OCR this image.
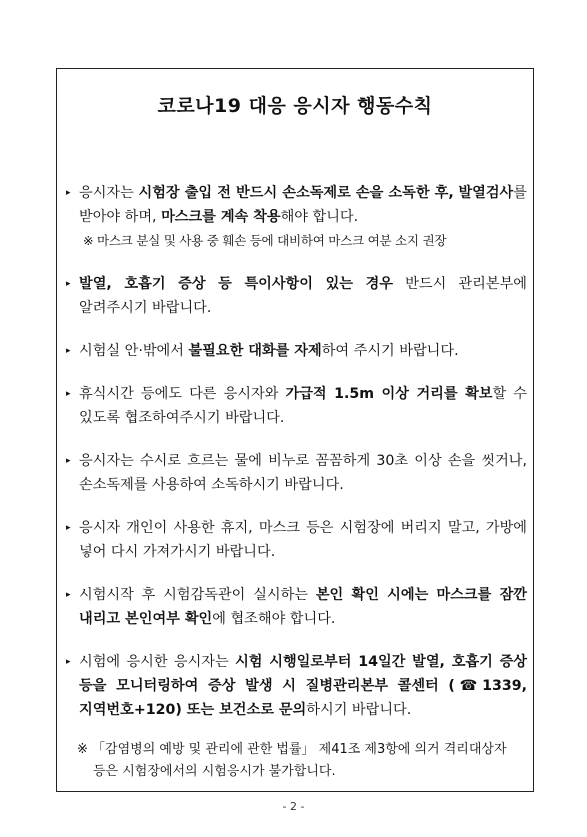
코로나19 대응 응시자 행동수칙
▸ 응시자는 시험장 출입 전 반드시 손소독제로 손을 소독한 후, 발열검사를 받아야 하며, 마스크를 계속 착용해야 합니다.
※ 마스크 분실 및 사용 중 훼손 등에 대비하여 마스크 여분 소지 권장
▸ 발열, 호흡기 증상 등 특이사항이 있는 경우 반드시 관리본부에 알려주시기 바랍니다.
▸ 시험실 안·밖에서 불필요한 대화를 자제하여 주시기 바랍니다.
▸ 휴식시간 등에도 다른 응시자와 가급적 1.5m 이상 거리를 확보할 수 있도록 협조하여주시기 바랍니다.
▸ 응시자는 수시로 흐르는 물에 비누로 꼼꼼하게 30초 이상 손을 씻거나, 손소독제를 사용하여 소독하시기 바랍니다.
▸ 응시자 개인이 사용한 휴지, 마스크 등은 시험장에 버리지 말고, 가방에 넣어 다시 가져가시기 바랍니다.
▸ 시험시작 후 시험감독관이 실시하는 본인 확인 시에는 마스크를 잠깐 내리고 본인여부 확인에 협조해야 합니다.
▸ 시험에 응시한 응시자는 시험 시행일로부터 14일간 발열, 호흡기 증상 등을 모니터링하여 증상 발생 시 질병관리본부 콜센터 (☎1339, 지역번호+120) 또는 보건소로 문의하시기 바랍니다.
※ 「감염병의 예방 및 관리에 관한 법률」 제41조 제3항에 의거 격리대상자 등은 시험장에서의 시험응시가 불가합니다.
- 2 -
